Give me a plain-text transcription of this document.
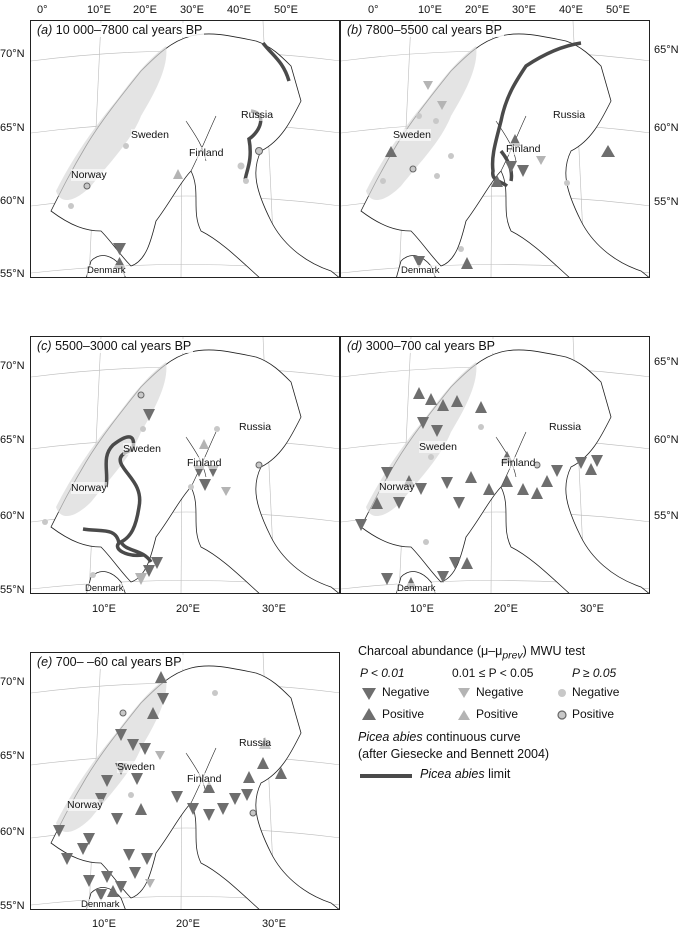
(a) 10 000–7800 cal years BP
Sweden
Norway
Finland
Russia
Denmark
(b) 7800–5500 cal years BP
Sweden
Finland
Russia
Denmark
(c) 5500–3000 cal years BP
Sweden
Norway
Finland
Russia
Denmark
(d) 3000–700 cal years BP
Sweden
Norway
Finland
Russia
Denmark
(e) 700– –60 cal years BP
Sweden
Norway
Finland
Russia
Denmark
0°	10°E 20°E 30°E 40°E 50°E	0°	10°E 20°E 30°E 40°E 50°E
70°N
65°N
60°N
55°N
70°N
65°N
60°N
55°N
70°N
65°N
60°N
55°N
65°N
60°N
55°N
65°N
60°N
55°N
10°E	20°E	30°E	10°E	20°E	30°E
10°E	20°E	30°E
Charcoal abundance $(\mu-\mu_{prev})$ MWU test
P < 0.01	0.01 ≤ P < 0.05	P ≥ 0.05
Negative
Positive
Negative
Positive
Negative
Positive
Picea abies continuous curve
(after Giesecke and Bennett 2004)
Picea abies limit
